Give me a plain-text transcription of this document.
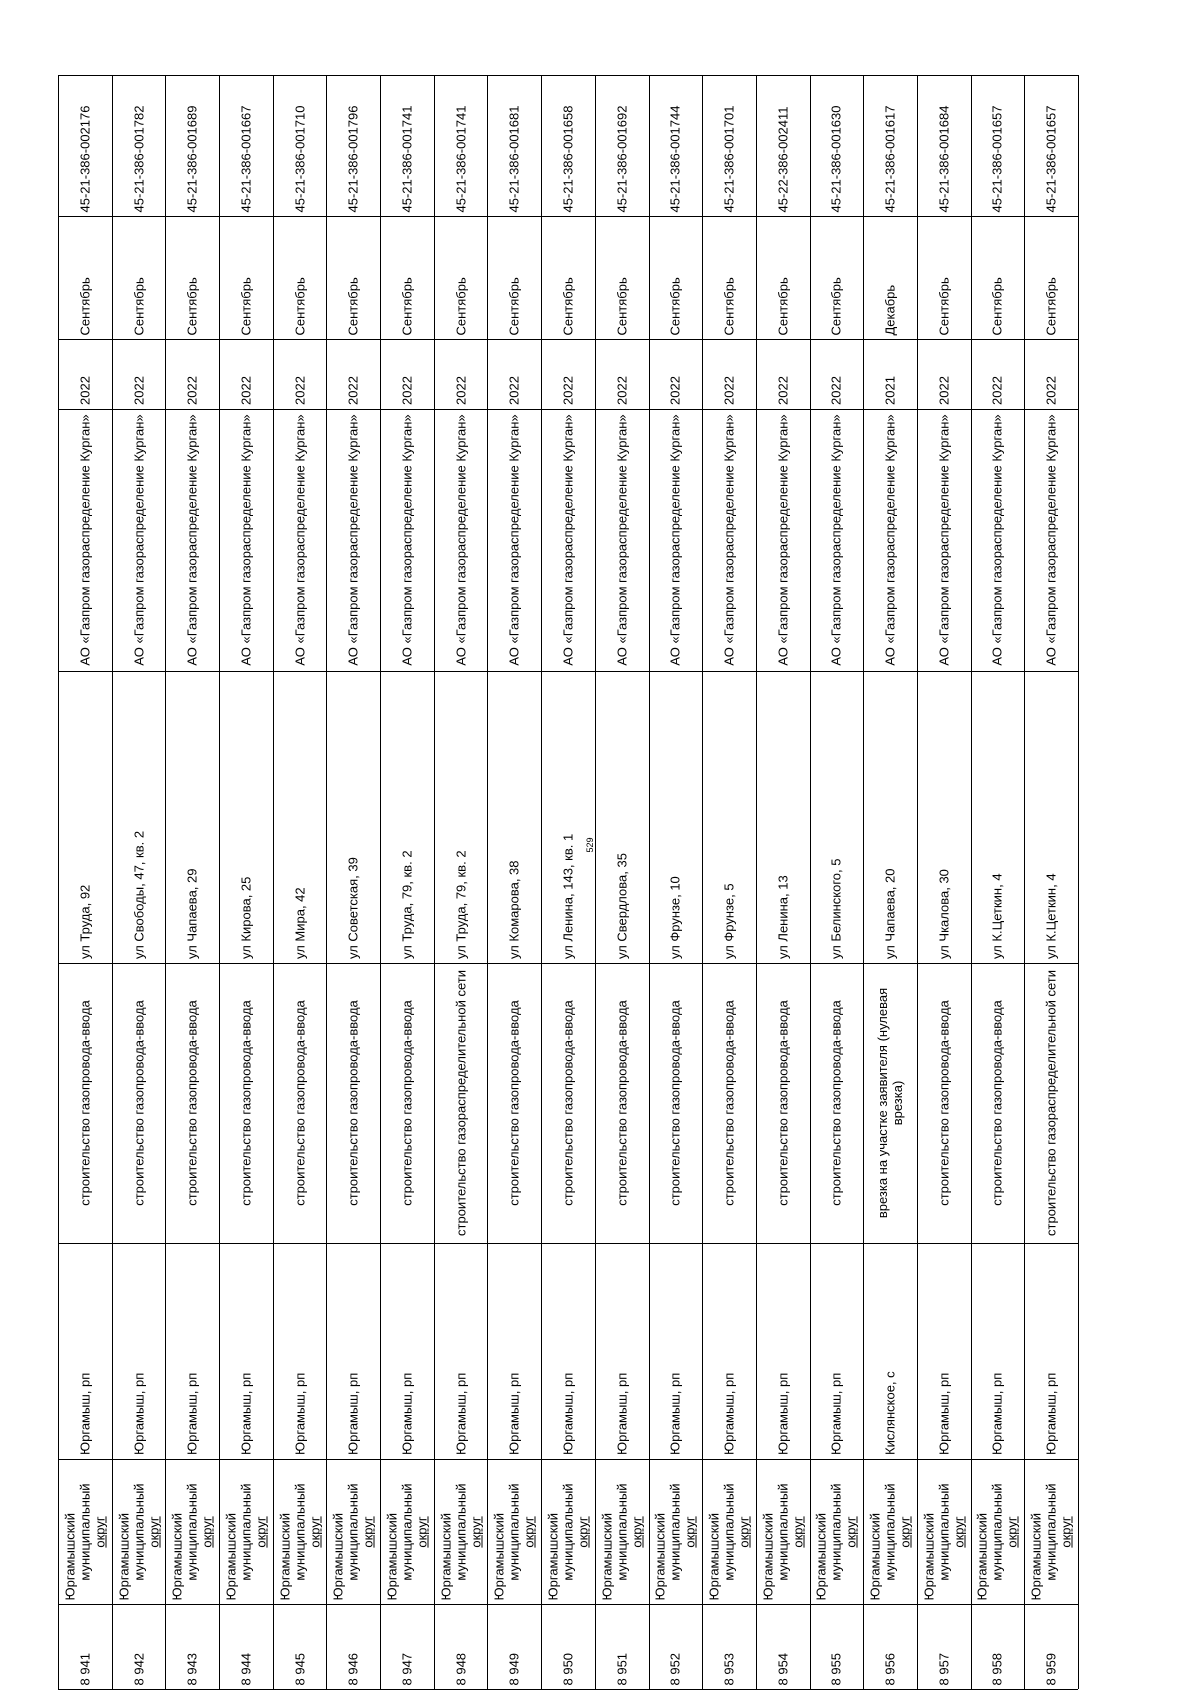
529
8 941
Юргамышский муниципальный округ
Юргамыш, рп
строительство газопровода-ввода
ул Труда, 92
АО «Газпром газораспределение Курган»
2022
Сентябрь
45-21-386-002176
8 942
Юргамышский муниципальный округ
Юргамыш, рп
строительство газопровода-ввода
ул Свободы, 47, кв. 2
АО «Газпром газораспределение Курган»
2022
Сентябрь
45-21-386-001782
8 943
Юргамышский муниципальный округ
Юргамыш, рп
строительство газопровода-ввода
ул Чапаева, 29
АО «Газпром газораспределение Курган»
2022
Сентябрь
45-21-386-001689
8 944
Юргамышский муниципальный округ
Юргамыш, рп
строительство газопровода-ввода
ул Кирова, 25
АО «Газпром газораспределение Курган»
2022
Сентябрь
45-21-386-001667
8 945
Юргамышский муниципальный округ
Юргамыш, рп
строительство газопровода-ввода
ул Мира, 42
АО «Газпром газораспределение Курган»
2022
Сентябрь
45-21-386-001710
8 946
Юргамышский муниципальный округ
Юргамыш, рп
строительство газопровода-ввода
ул Советская, 39
АО «Газпром газораспределение Курган»
2022
Сентябрь
45-21-386-001796
8 947
Юргамышский муниципальный округ
Юргамыш, рп
строительство газопровода-ввода
ул Труда, 79, кв. 2
АО «Газпром газораспределение Курган»
2022
Сентябрь
45-21-386-001741
8 948
Юргамышский муниципальный округ
Юргамыш, рп
строительство газораспределительной сети
ул Труда, 79, кв. 2
АО «Газпром газораспределение Курган»
2022
Сентябрь
45-21-386-001741
8 949
Юргамышский муниципальный округ
Юргамыш, рп
строительство газопровода-ввода
ул Комарова, 38
АО «Газпром газораспределение Курган»
2022
Сентябрь
45-21-386-001681
8 950
Юргамышский муниципальный округ
Юргамыш, рп
строительство газопровода-ввода
ул Ленина, 143, кв. 1
АО «Газпром газораспределение Курган»
2022
Сентябрь
45-21-386-001658
8 951
Юргамышский муниципальный округ
Юргамыш, рп
строительство газопровода-ввода
ул Свердлова, 35
АО «Газпром газораспределение Курган»
2022
Сентябрь
45-21-386-001692
8 952
Юргамышский муниципальный округ
Юргамыш, рп
строительство газопровода-ввода
ул Фрунзе, 10
АО «Газпром газораспределение Курган»
2022
Сентябрь
45-21-386-001744
8 953
Юргамышский муниципальный округ
Юргамыш, рп
строительство газопровода-ввода
ул Фрунзе, 5
АО «Газпром газораспределение Курган»
2022
Сентябрь
45-21-386-001701
8 954
Юргамышский муниципальный округ
Юргамыш, рп
строительство газопровода-ввода
ул Ленина, 13
АО «Газпром газораспределение Курган»
2022
Сентябрь
45-22-386-002411
8 955
Юргамышский муниципальный округ
Юргамыш, рп
строительство газопровода-ввода
ул Белинского, 5
АО «Газпром газораспределение Курган»
2022
Сентябрь
45-21-386-001630
8 956
Юргамышский муниципальный округ
Кислянское, с
врезка на участке заявителя (нулевая врезка)
ул Чапаева, 20
АО «Газпром газораспределение Курган»
2021
Декабрь
45-21-386-001617
8 957
Юргамышский муниципальный округ
Юргамыш, рп
строительство газопровода-ввода
ул Чкалова, 30
АО «Газпром газораспределение Курган»
2022
Сентябрь
45-21-386-001684
8 958
Юргамышский муниципальный округ
Юргамыш, рп
строительство газопровода-ввода
ул К.Цеткин, 4
АО «Газпром газораспределение Курган»
2022
Сентябрь
45-21-386-001657
8 959
Юргамышский муниципальный округ
Юргамыш, рп
строительство газораспределительной сети
ул К.Цеткин, 4
АО «Газпром газораспределение Курган»
2022
Сентябрь
45-21-386-001657
